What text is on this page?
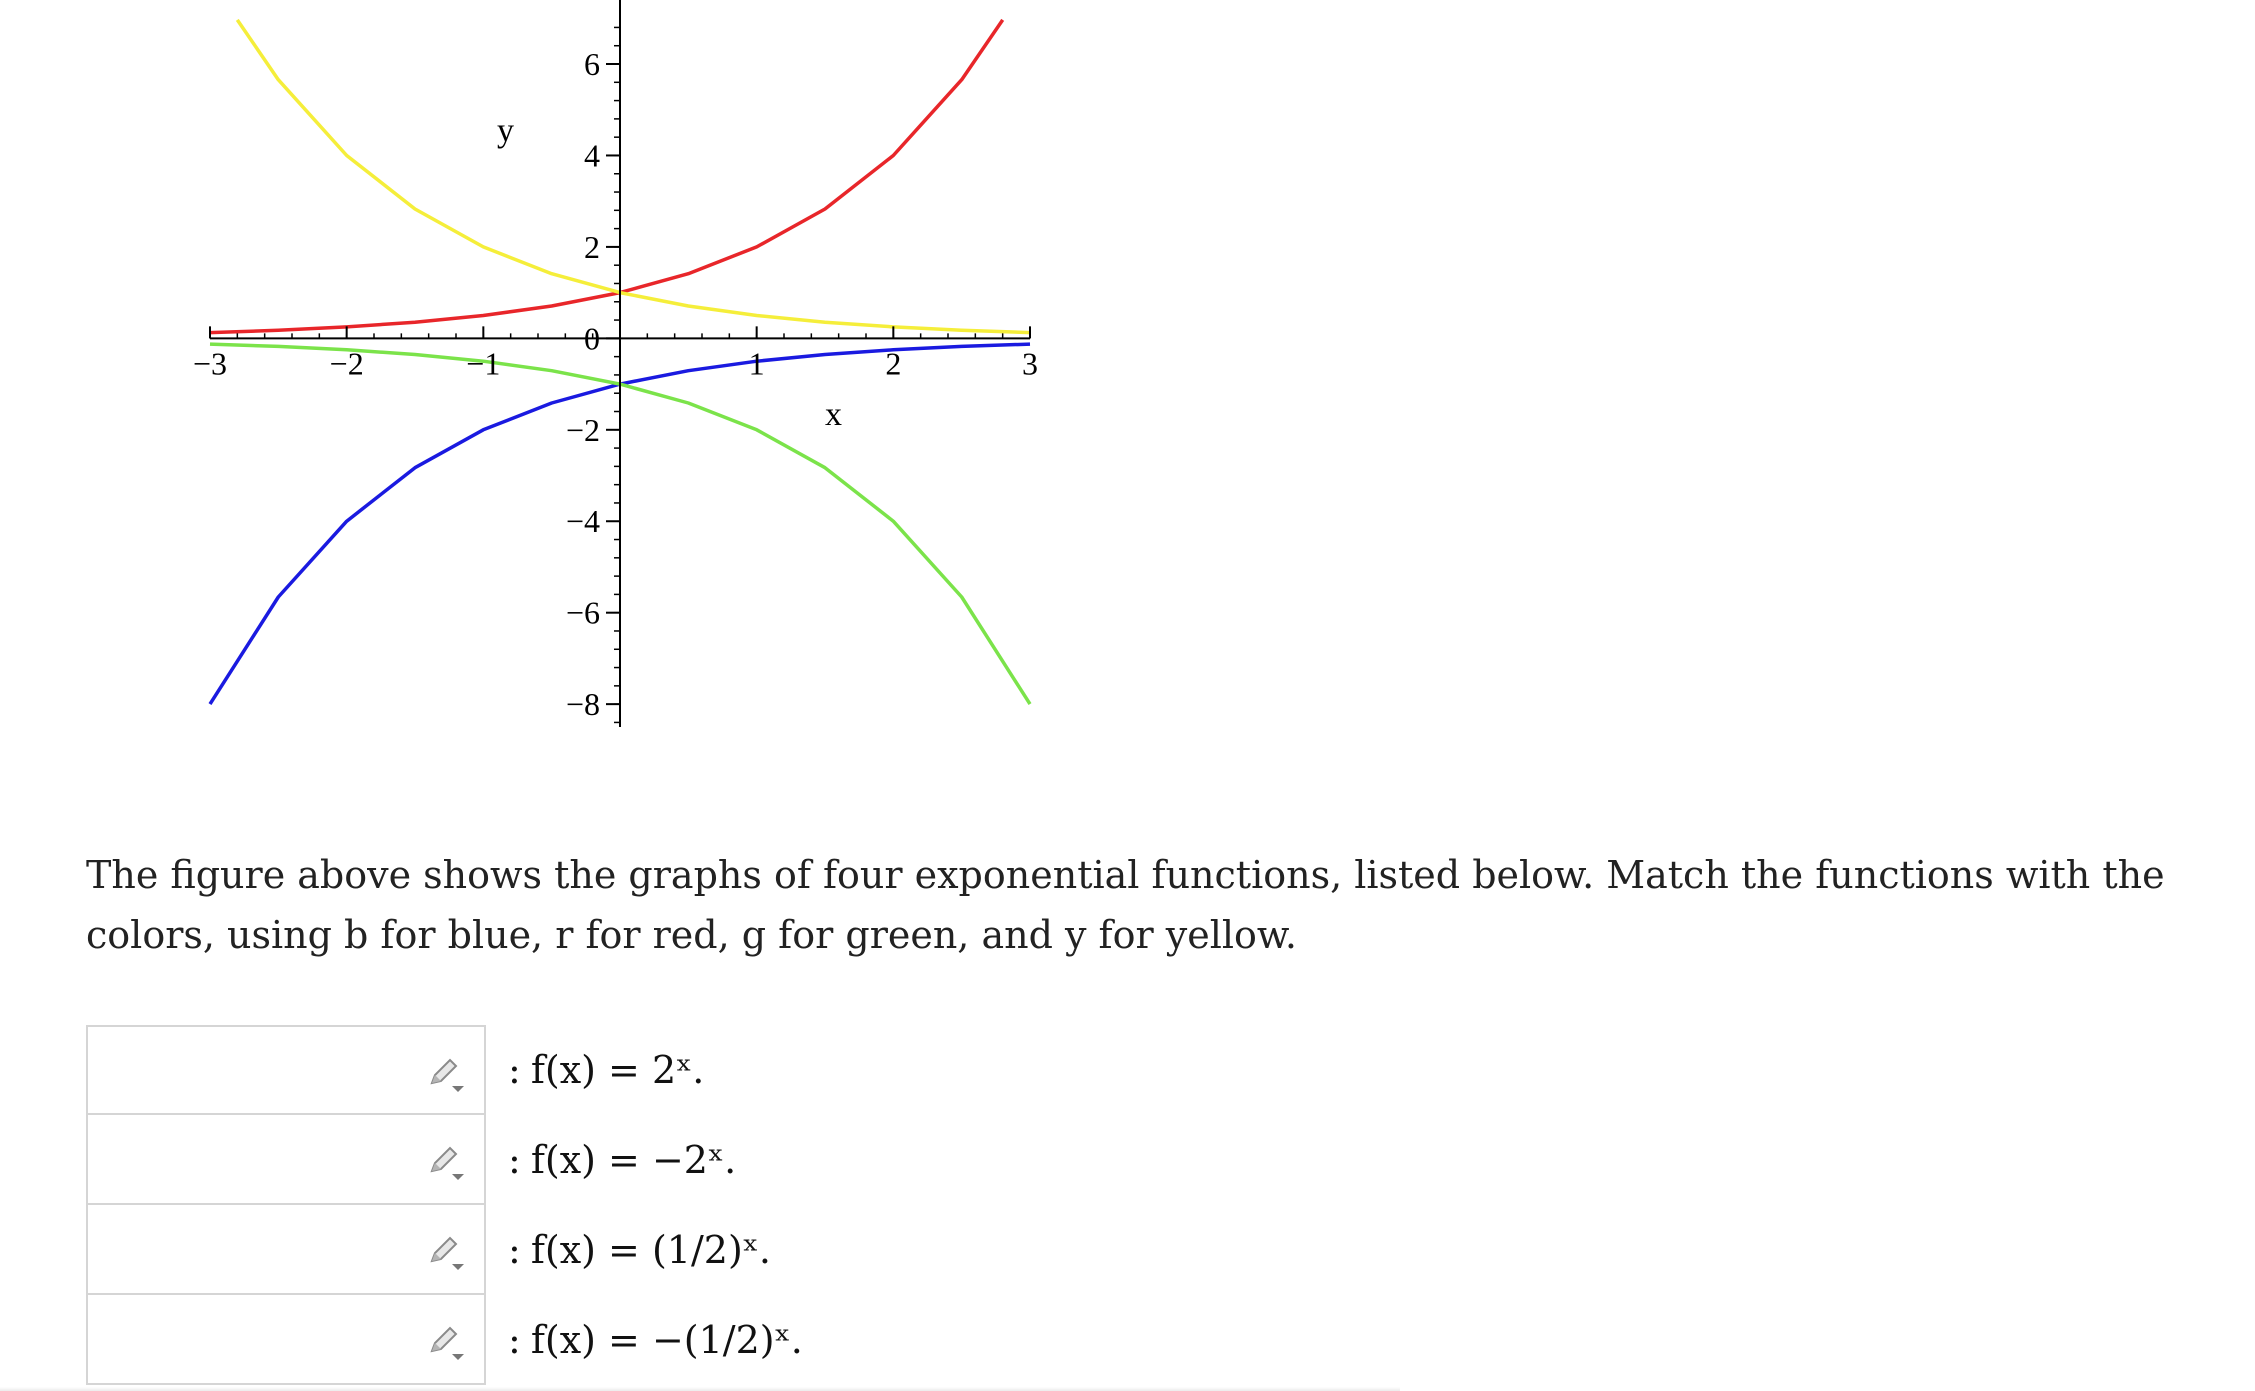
−3	−2	−1	1	2	3
−8
−6
−4
−2
0
2
4
6
x
y

The figure above shows the graphs of four exponential functions, listed below. Match the functions with the colors, using b for blue, r for red, g for green, and y for yellow.

: f(x) = 2ˣ.
: f(x) = −2ˣ.
: f(x) = (1/2)ˣ.
: f(x) = −(1/2)ˣ.
